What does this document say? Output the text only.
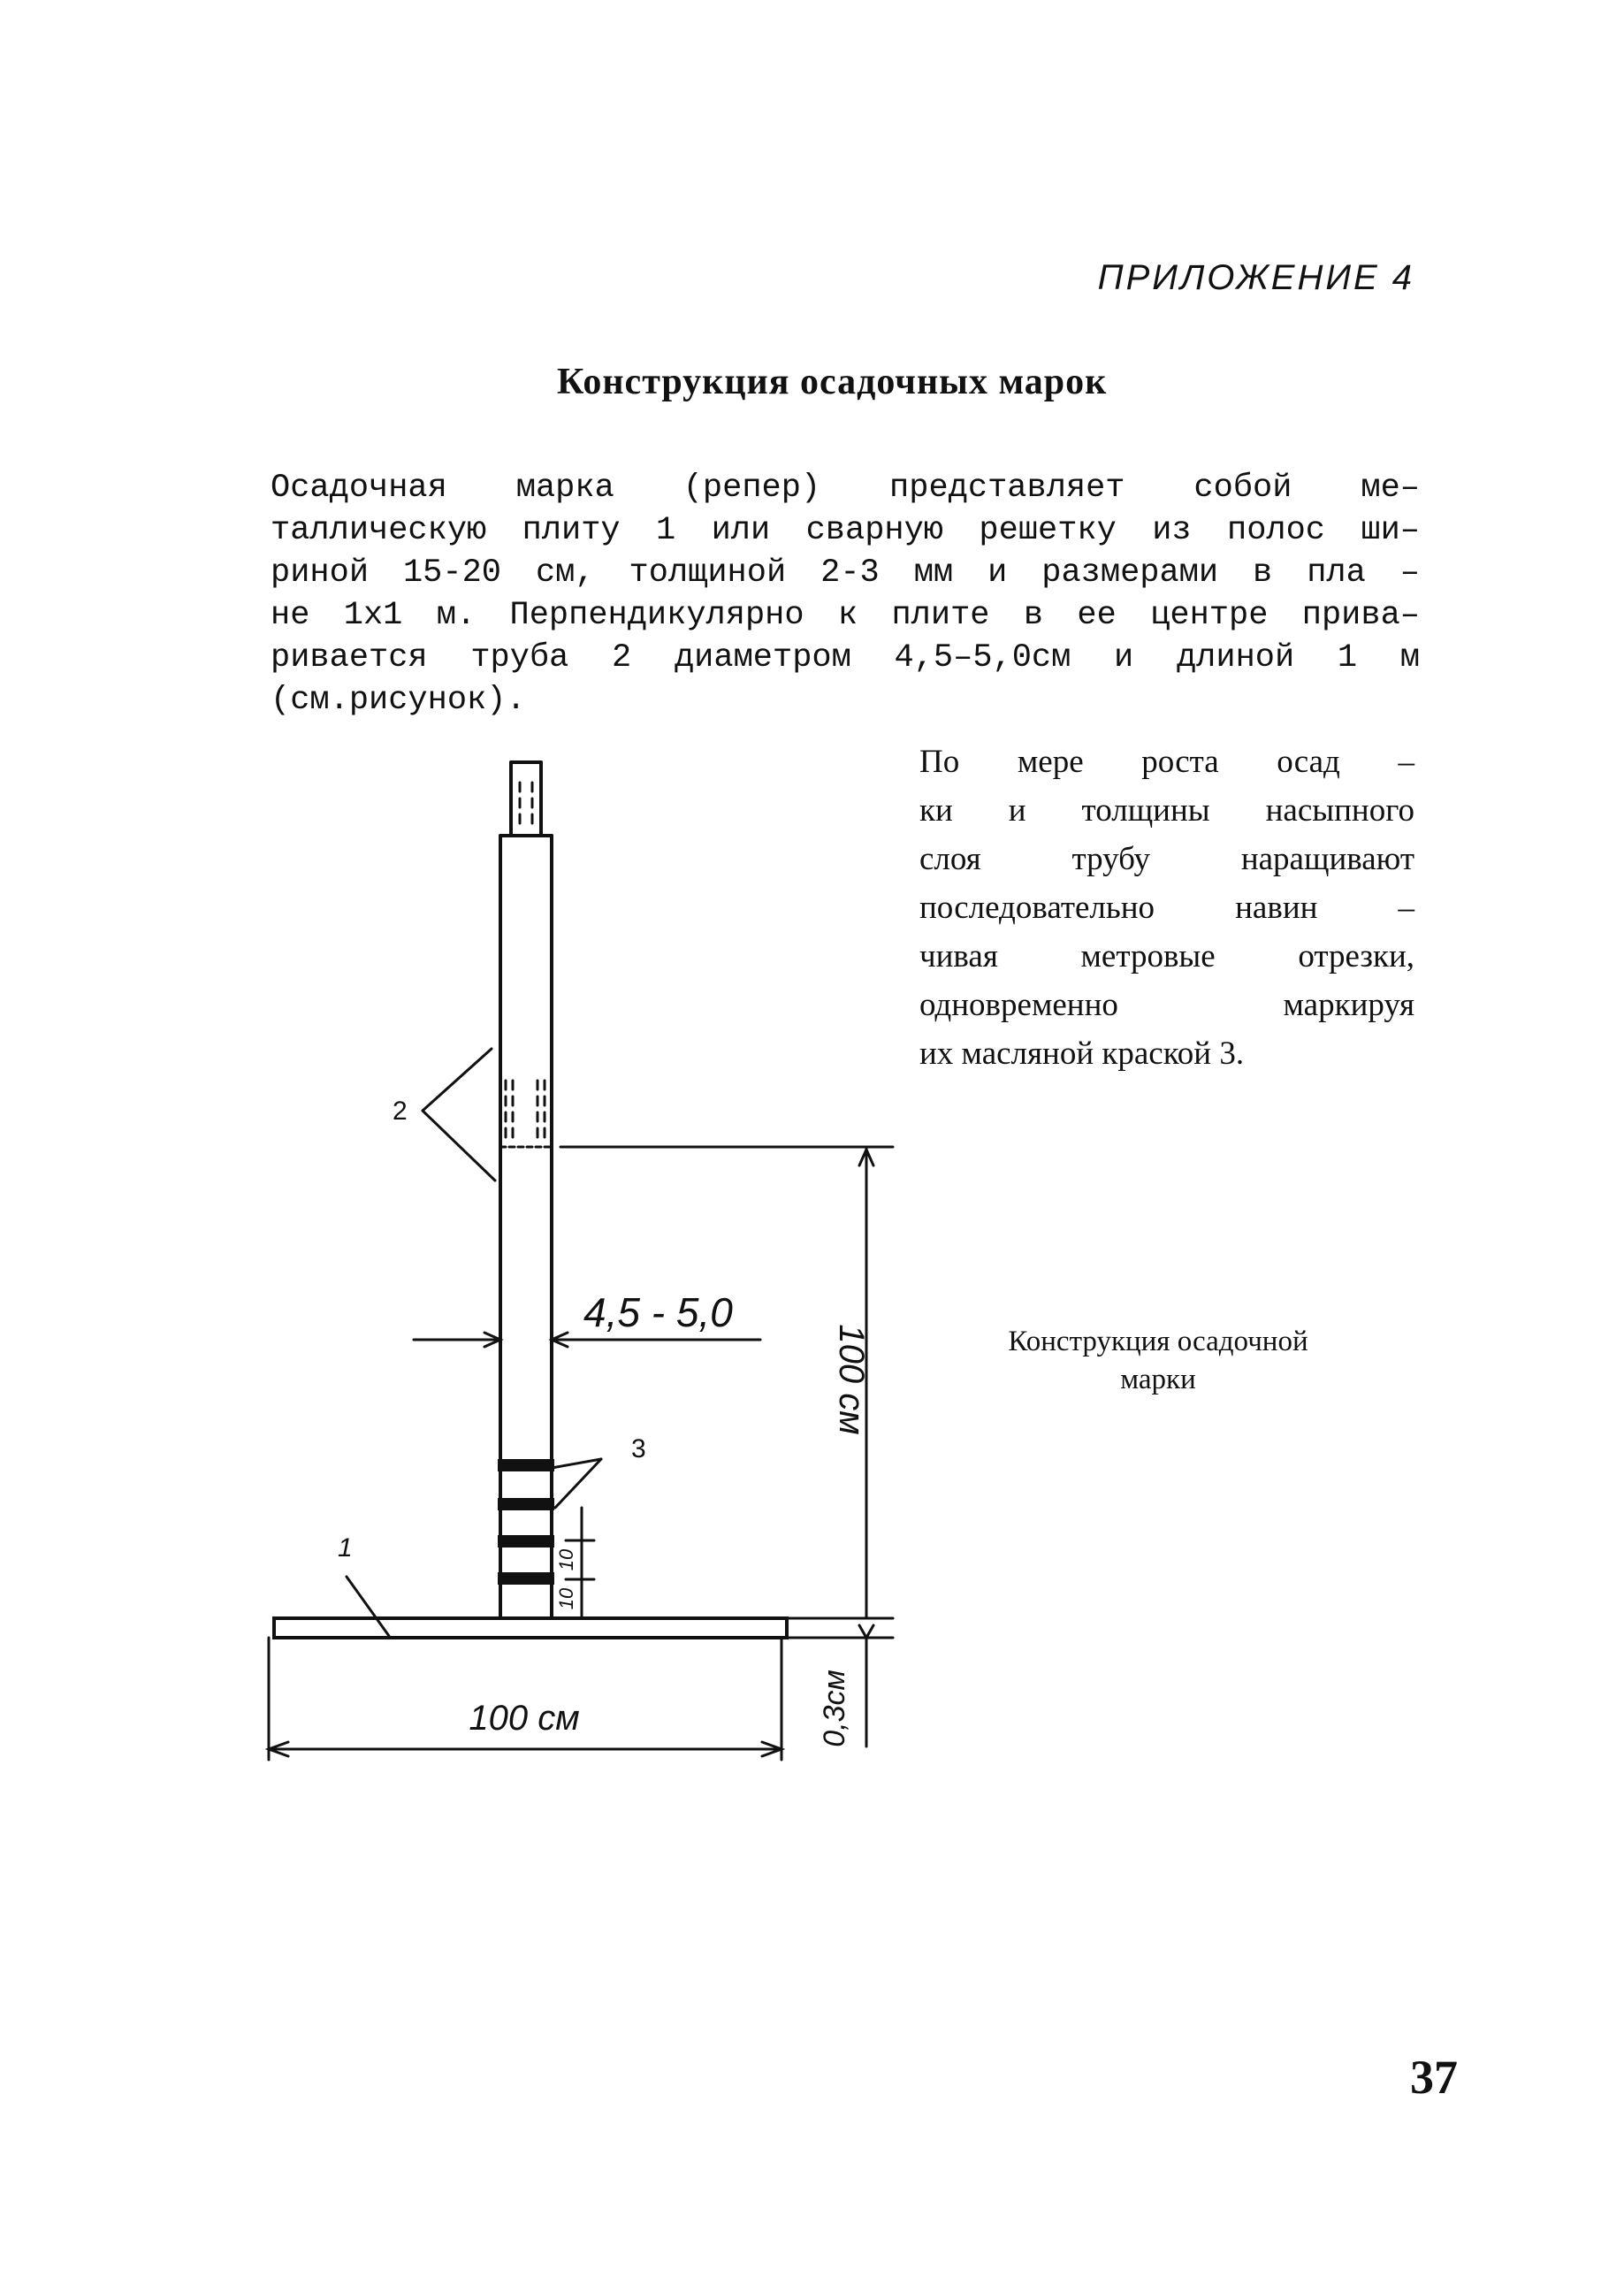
ПРИЛОЖЕНИЕ 4
Конструкция осадочных марок
Осадочная марка (репер) представляет собой ме–
таллическую плиту 1 или сварную решетку из полос ши–
риной 15-20 см, толщиной 2-3 мм и размерами в пла –
не 1х1 м. Перпендикулярно к плите в ее центре прива–
ривается труба 2 диаметром 4,5–5,0см и длиной 1 м
(см.рисунок).
По мере роста осад –
ки и толщины насыпного
слоя трубу наращивают
последовательно навин –
чивая метровые отрезки,
одновременно маркируя
их масляной краской 3.
2
3
1
4,5 - 5,0
100 см
100 см	0,3см
10
10
Конструкция осадочной
марки
37
